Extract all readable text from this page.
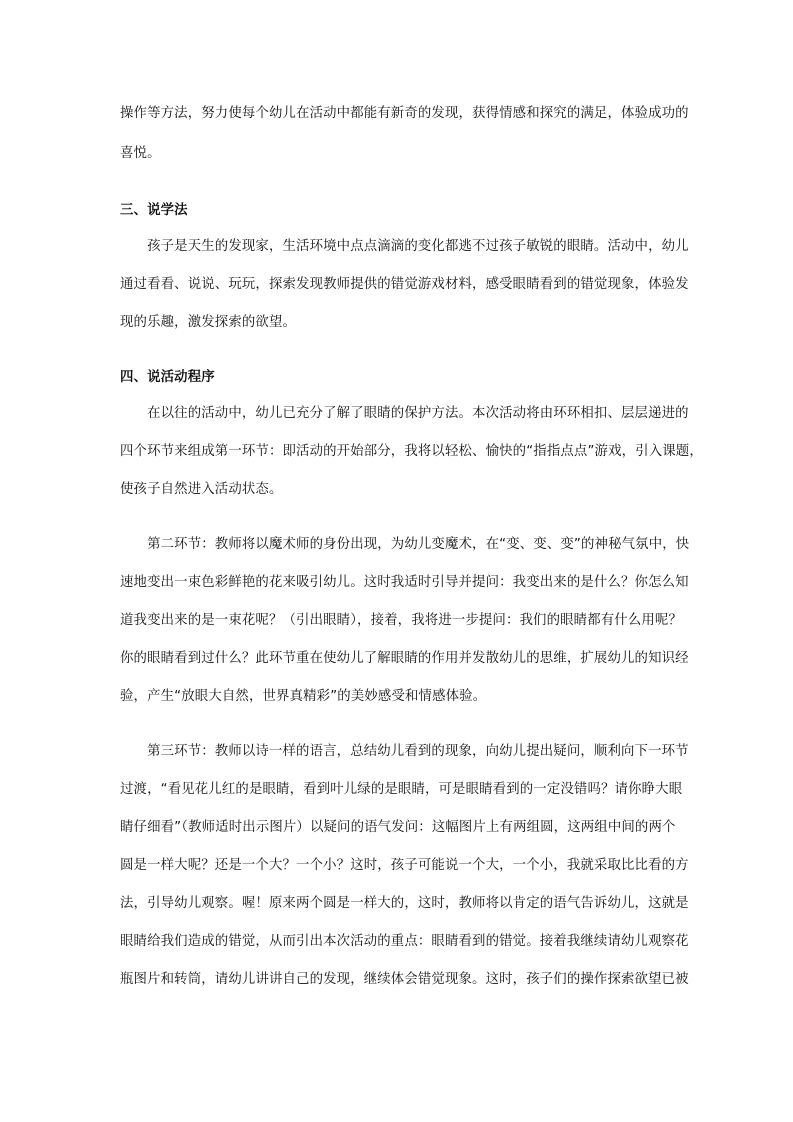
操作等方法，努力使每个幼儿在活动中都能有新奇的发现，获得情感和探究的满足，体验成功的
喜悦。
三、说学法
　　孩子是天生的发现家，生活环境中点点滴滴的变化都逃不过孩子敏锐的眼睛。活动中，幼儿
通过看看、说说、玩玩，探索发现教师提供的错觉游戏材料，感受眼睛看到的错觉现象，体验发
现的乐趣，激发探索的欲望。
四、说活动程序
　　在以往的活动中，幼儿已充分了解了眼睛的保护方法。本次活动将由环环相扣、层层递进的
四个环节来组成第一环节：即活动的开始部分，我将以轻松、愉快的“指指点点”游戏，引入课题，
使孩子自然进入活动状态。
　　第二环节：教师将以魔术师的身份出现，为幼儿变魔术，在“变、变、变”的神秘气氛中，快
速地变出一束色彩鲜艳的花来吸引幼儿。这时我适时引导并提问：我变出来的是什么？你怎么知
道我变出来的是一束花呢？（引出眼睛），接着，我将进一步提问：我们的眼睛都有什么用呢？
你的眼睛看到过什么？此环节重在使幼儿了解眼睛的作用并发散幼儿的思维，扩展幼儿的知识经
验，产生“放眼大自然，世界真精彩”的美妙感受和情感体验。
　　第三环节：教师以诗一样的语言，总结幼儿看到的现象，向幼儿提出疑问，顺利向下一环节
过渡，“看见花儿红的是眼睛，看到叶儿绿的是眼睛，可是眼睛看到的一定没错吗？请你睁大眼
睛仔细看”（教师适时出示图片）以疑问的语气发问：这幅图片上有两组圆，这两组中间的两个
圆是一样大呢？还是一个大？一个小？这时，孩子可能说一个大，一个小，我就采取比比看的方
法，引导幼儿观察。喔！原来两个圆是一样大的，这时，教师将以肯定的语气告诉幼儿，这就是
眼睛给我们造成的错觉，从而引出本次活动的重点：眼睛看到的错觉。接着我继续请幼儿观察花
瓶图片和转筒，请幼儿讲讲自己的发现，继续体会错觉现象。这时，孩子们的操作探索欲望已被
